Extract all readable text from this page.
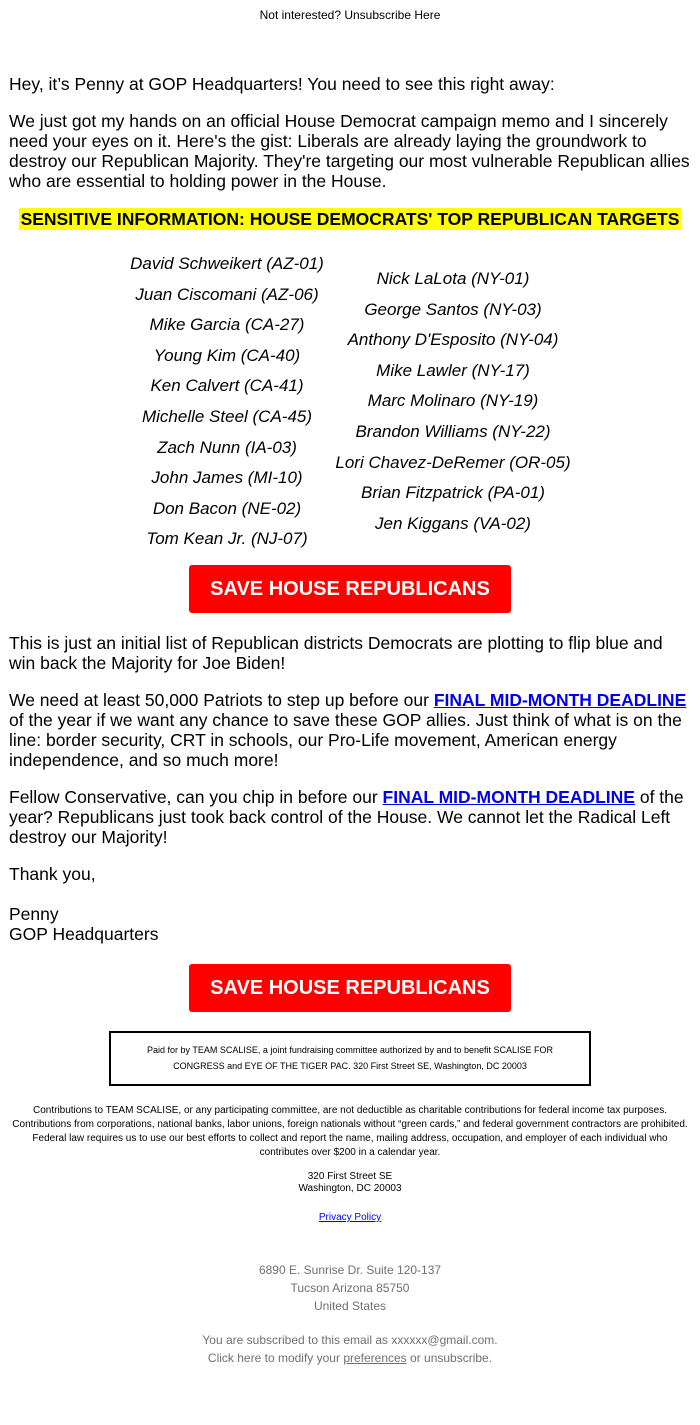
Not interested? Unsubscribe Here
Hey, it’s Penny at GOP Headquarters! You need to see this right away:
We just got my hands on an official House Democrat campaign memo and I sincerely need your eyes on it. Here's the gist: Liberals are already laying the groundwork to destroy our Republican Majority. They're targeting our most vulnerable Republican allies who are essential to holding power in the House.
SENSITIVE INFORMATION: HOUSE DEMOCRATS' TOP REPUBLICAN TARGETS
David Schweikert (AZ-01)
Juan Ciscomani (AZ-06)
Mike Garcia (CA-27)
Young Kim (CA-40)
Ken Calvert (CA-41)
Michelle Steel (CA-45)
Zach Nunn (IA-03)
John James (MI-10)
Don Bacon (NE-02)
Tom Kean Jr. (NJ-07)
Nick LaLota (NY-01)
George Santos (NY-03)
Anthony D'Esposito (NY-04)
Mike Lawler (NY-17)
Marc Molinaro (NY-19)
Brandon Williams (NY-22)
Lori Chavez-DeRemer (OR-05)
Brian Fitzpatrick (PA-01)
Jen Kiggans (VA-02)
SAVE HOUSE REPUBLICANS
This is just an initial list of Republican districts Democrats are plotting to flip blue and win back the Majority for Joe Biden!
We need at least 50,000 Patriots to step up before our FINAL MID-MONTH DEADLINE of the year if we want any chance to save these GOP allies. Just think of what is on the line: border security, CRT in schools, our Pro-Life movement, American energy independence, and so much more!
Fellow Conservative, can you chip in before our FINAL MID-MONTH DEADLINE of the year? Republicans just took back control of the House. We cannot let the Radical Left destroy our Majority!
Thank you,
Penny
GOP Headquarters
SAVE HOUSE REPUBLICANS
Paid for by TEAM SCALISE, a joint fundraising committee authorized by and to benefit SCALISE FOR CONGRESS and EYE OF THE TIGER PAC. 320 First Street SE, Washington, DC 20003
Contributions to TEAM SCALISE, or any participating committee, are not deductible as charitable contributions for federal income tax purposes. Contributions from corporations, national banks, labor unions, foreign nationals without “green cards,” and federal government contractors are prohibited. Federal law requires us to use our best efforts to collect and report the name, mailing address, occupation, and employer of each individual who contributes over $200 in a calendar year.
320 First Street SE
Washington, DC 20003
Privacy Policy
6890 E. Sunrise Dr. Suite 120-137
Tucson Arizona 85750
United States
You are subscribed to this email as xxxxxx@gmail.com.
Click here to modify your preferences or unsubscribe.
